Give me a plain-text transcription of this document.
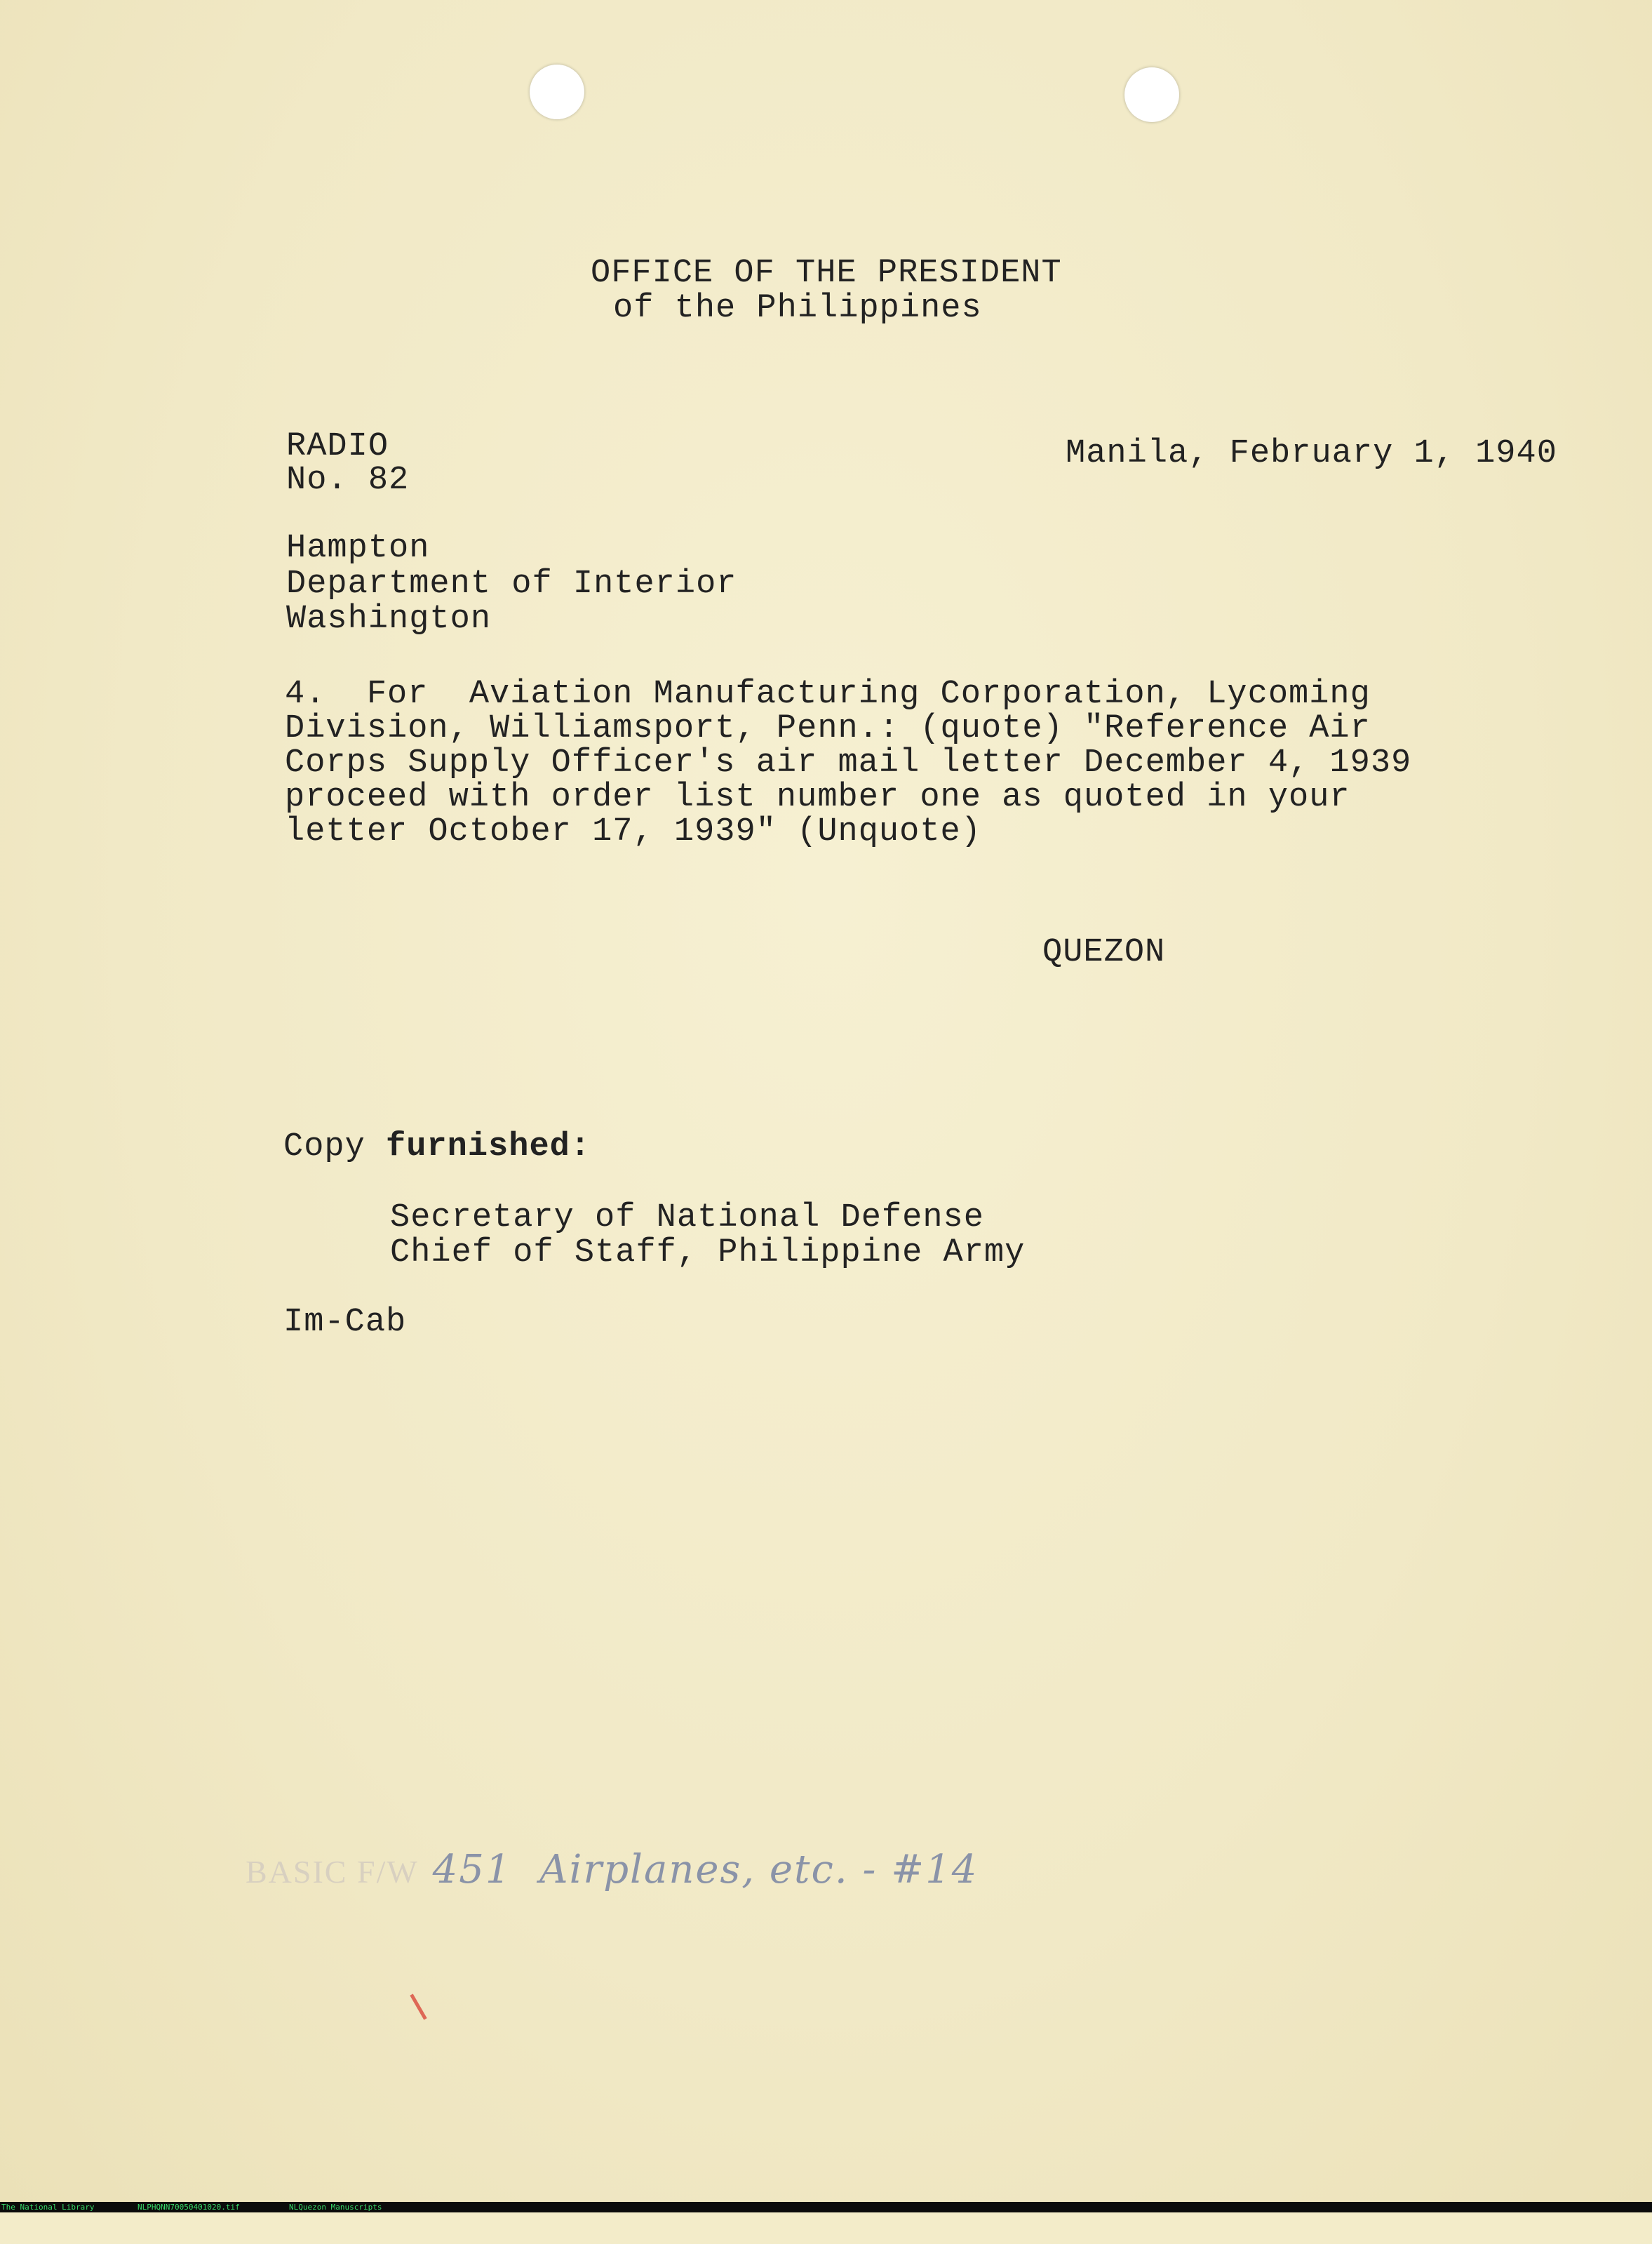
OFFICE OF THE PRESIDENT
of the Philippines
RADIO
No. 82
Manila, February 1, 1940
Hampton
Department of Interior
Washington
4.  For  Aviation Manufacturing Corporation, Lycoming
Division, Williamsport, Penn.: (quote) "Reference Air
Corps Supply Officer's air mail letter December 4, 1939
proceed with order list number one as quoted in your
letter October 17, 1939" (Unquote)
QUEZON
Copy furnished:
Secretary of National Defense
Chief of Staff, Philippine Army
Im-Cab
BASIC F/W 451  Airplanes, etc. - #14

The National Library

	NLPHQNN70050401020.tif

	NLQuezon Manuscripts
